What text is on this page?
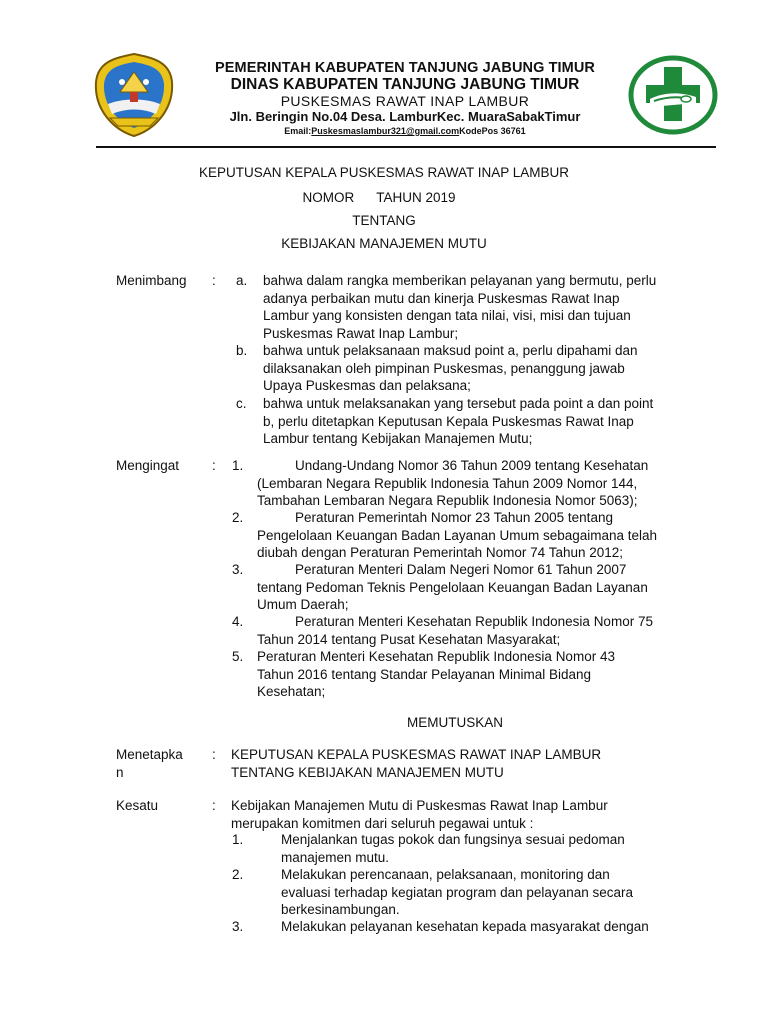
PEMERINTAH KABUPATEN TANJUNG JABUNG TIMUR
DINAS KABUPATEN TANJUNG JABUNG TIMUR
PUSKESMAS RAWAT INAP LAMBUR
Jln. Beringin No.04 Desa. LamburKec. MuaraSabakTimur
Email:Puskesmaslambur321@gmail.comKodePos 36761
KEPUTUSAN KEPALA PUSKESMAS RAWAT INAP LAMBUR
NOMOR TAHUN 2019
TENTANG
KEBIJAKAN MANAJEMEN MUTU
Menimbang	: a.	bahwa dalam rangka memberikan pelayanan yang bermutu, perlu
adanya perbaikan mutu dan kinerja Puskesmas Rawat Inap
Lambur yang konsisten dengan tata nilai, visi, misi dan tujuan
Puskesmas Rawat Inap Lambur;
b.	bahwa untuk pelaksanaan maksud point a, perlu dipahami dan
dilaksanakan oleh pimpinan Puskesmas, penanggung jawab
Upaya Puskesmas dan pelaksana;
c.	bahwa untuk melaksanakan yang tersebut pada point a dan point
b, perlu ditetapkan Keputusan Kepala Puskesmas Rawat Inap
Lambur tentang Kebijakan Manajemen Mutu;
Mengingat	: 1.	Undang-Undang Nomor 36 Tahun 2009 tentang Kesehatan
(Lembaran Negara Republik Indonesia Tahun 2009 Nomor 144,
Tambahan Lembaran Negara Republik Indonesia Nomor 5063);
2.	Peraturan Pemerintah Nomor 23 Tahun 2005 tentang
Pengelolaan Keuangan Badan Layanan Umum sebagaimana telah
diubah dengan Peraturan Pemerintah Nomor 74 Tahun 2012;
3.	Peraturan Menteri Dalam Negeri Nomor 61 Tahun 2007
tentang Pedoman Teknis Pengelolaan Keuangan Badan Layanan
Umum Daerah;
4.	Peraturan Menteri Kesehatan Republik Indonesia Nomor 75
Tahun 2014 tentang Pusat Kesehatan Masyarakat;
5.	Peraturan Menteri Kesehatan Republik Indonesia Nomor 43
Tahun 2016 tentang Standar Pelayanan Minimal Bidang
Kesehatan;
MEMUTUSKAN
Menetapka
n
: KEPUTUSAN KEPALA PUSKESMAS RAWAT INAP LAMBUR
TENTANG KEBIJAKAN MANAJEMEN MUTU
Kesatu	: Kebijakan Manajemen Mutu di Puskesmas Rawat Inap Lambur
merupakan komitmen dari seluruh pegawai untuk :
1.	Menjalankan tugas pokok dan fungsinya sesuai pedoman
manajemen mutu.
2.	Melakukan perencanaan, pelaksanaan, monitoring dan
evaluasi terhadap kegiatan program dan pelayanan secara
berkesinambungan.
3.	Melakukan pelayanan kesehatan kepada masyarakat dengan
